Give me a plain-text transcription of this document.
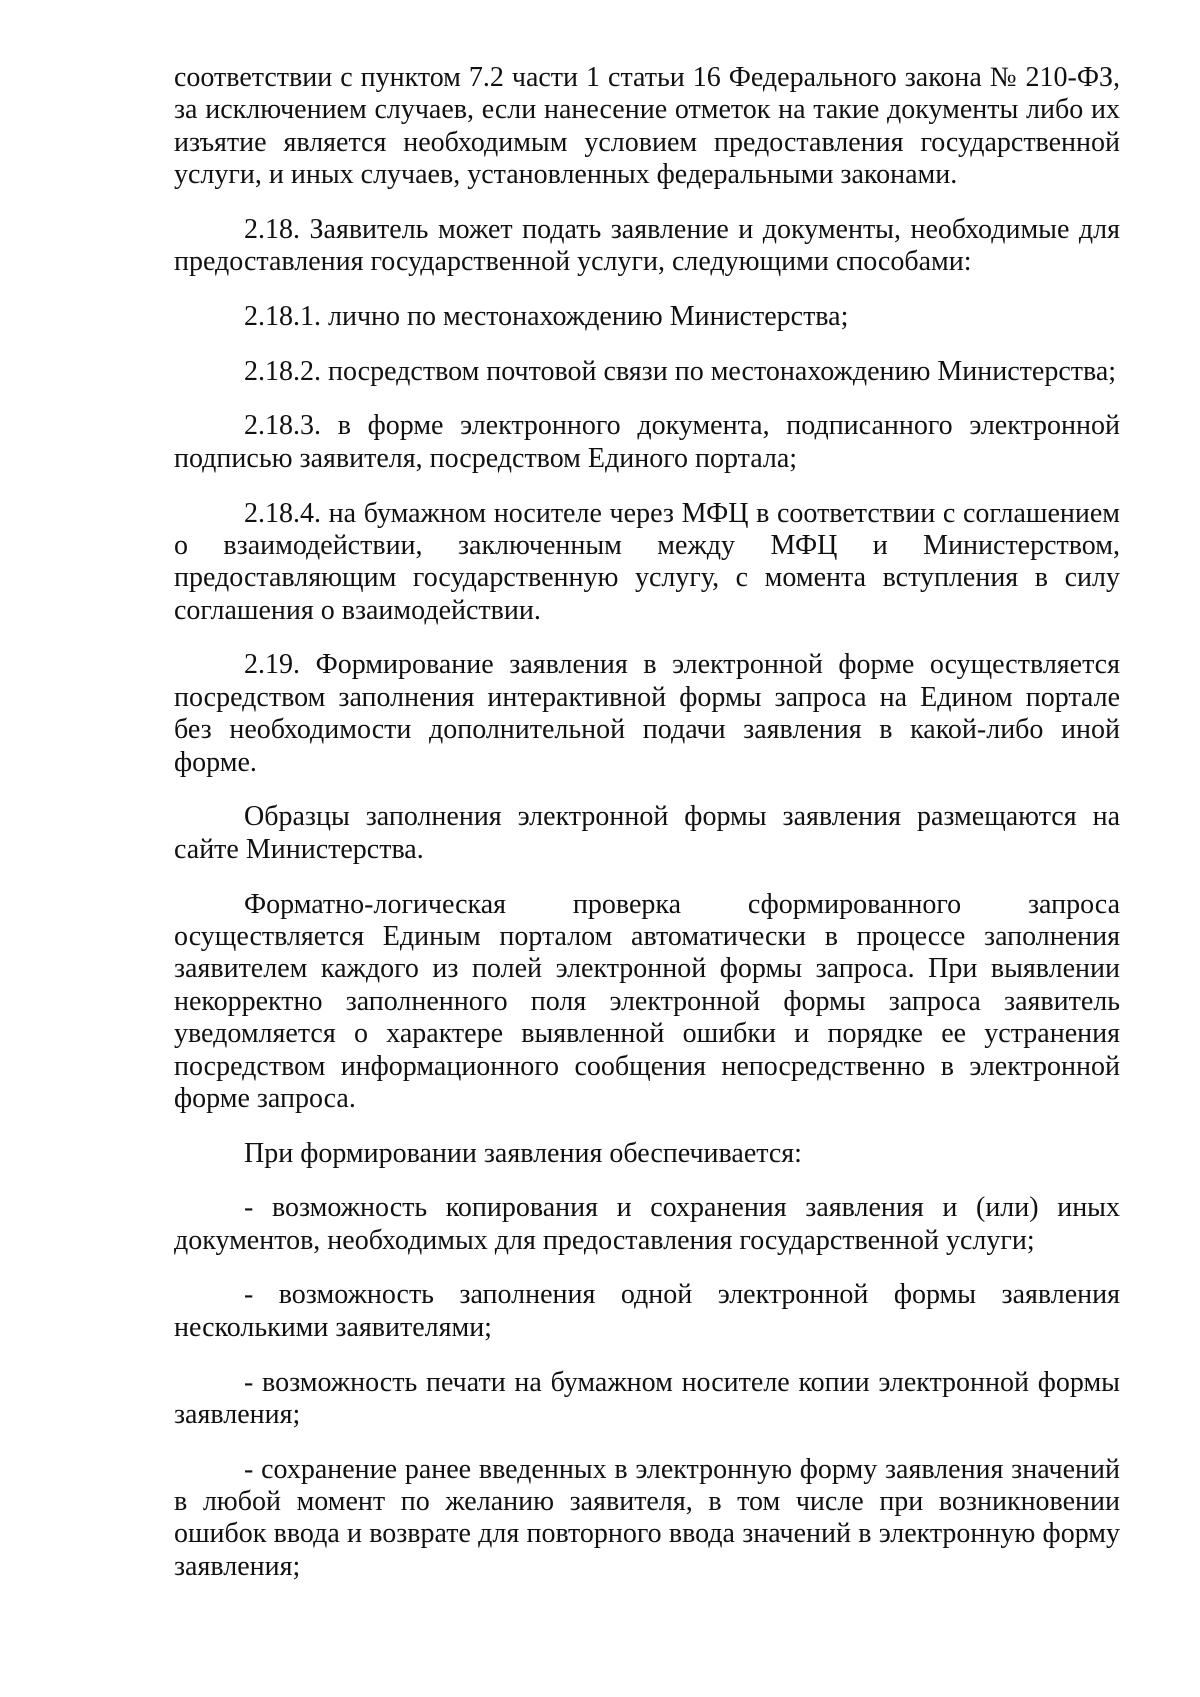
соответствии с пунктом 7.2 части 1 статьи 16 Федерального закона № 210-ФЗ, за исключением случаев, если нанесение отметок на такие документы либо их изъятие является необходимым условием предоставления государственной услуги, и иных случаев, установленных федеральными законами.

2.18. Заявитель может подать заявление и документы, необходимые для предоставления государственной услуги, следующими способами:

2.18.1. лично по местонахождению Министерства;

2.18.2. посредством почтовой связи по местонахождению Министерства;

2.18.3. в форме электронного документа, подписанного электронной подписью заявителя, посредством Единого портала;

2.18.4. на бумажном носителе через МФЦ в соответствии с соглашением о взаимодействии, заключенным между МФЦ и Министерством, предоставляющим государственную услугу, с момента вступления в силу соглашения о взаимодействии.

2.19. Формирование заявления в электронной форме осуществляется посредством заполнения интерактивной формы запроса на Едином портале без необходимости дополнительной подачи заявления в какой-либо иной форме.

Образцы заполнения электронной формы заявления размещаются на сайте Министерства.

Форматно-логическая проверка сформированного запроса осуществляется Единым порталом автоматически в процессе заполнения заявителем каждого из полей электронной формы запроса. При выявлении некорректно заполненного поля электронной формы запроса заявитель уведомляется о характере выявленной ошибки и порядке ее устранения посредством информационного сообщения непосредственно в электронной форме запроса.

При формировании заявления обеспечивается:

- возможность копирования и сохранения заявления и (или) иных документов, необходимых для предоставления государственной услуги;

- возможность заполнения одной электронной формы заявления несколькими заявителями;

- возможность печати на бумажном носителе копии электронной формы заявления;

- сохранение ранее введенных в электронную форму заявления значений в любой момент по желанию заявителя, в том числе при возникновении ошибок ввода и возврате для повторного ввода значений в электронную форму заявления;
